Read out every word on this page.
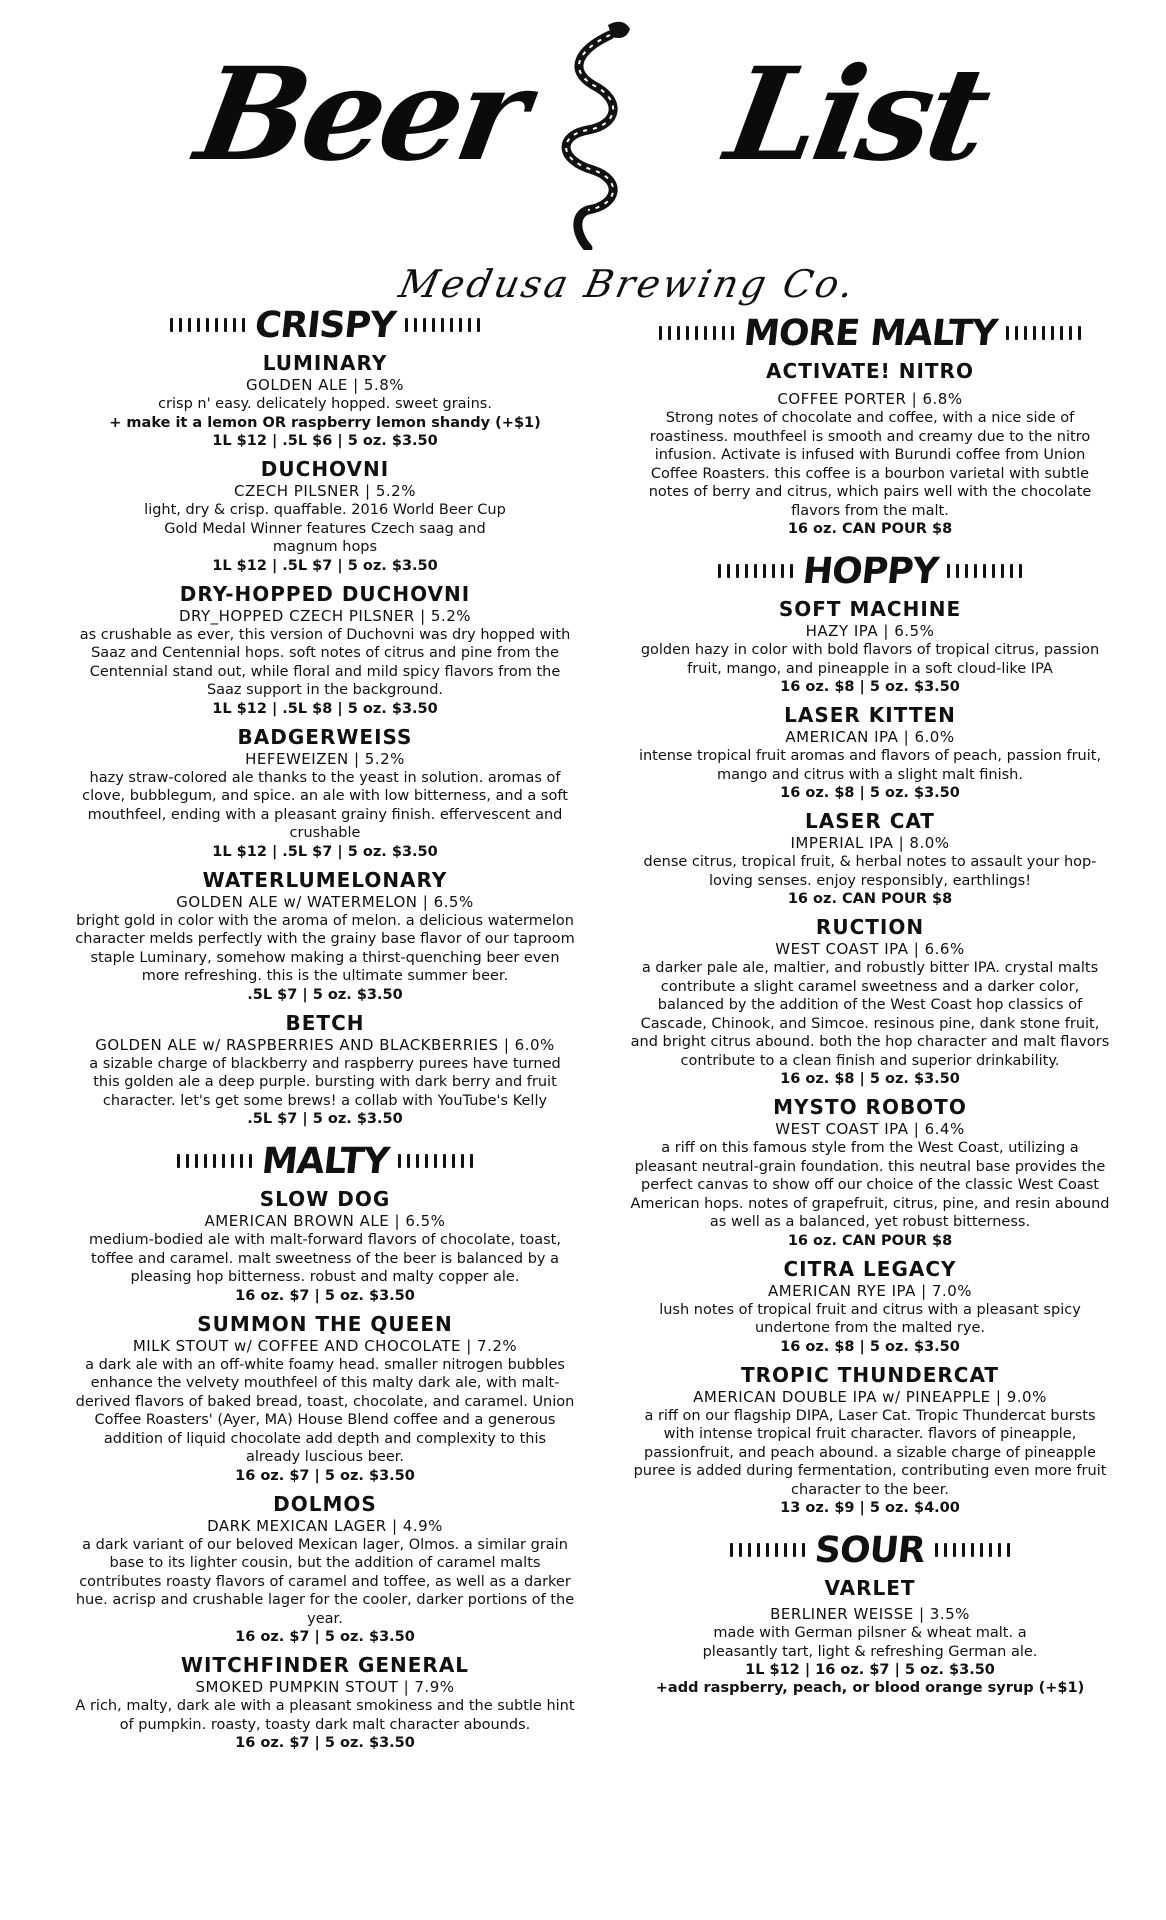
Beer List
Medusa Brewing Co.
CRISPY
LUMINARY
GOLDEN ALE | 5.8%
crisp n' easy. delicately hopped. sweet grains.
+ make it a lemon OR raspberry lemon shandy (+$1)
1L $12 | .5L $6 | 5 oz. $3.50
DUCHOVNI
CZECH PILSNER | 5.2%
light, dry & crisp. quaffable. 2016 World Beer Cup Gold Medal Winner features Czech saag and magnum hops
1L $12 | .5L $7 | 5 oz. $3.50
DRY-HOPPED DUCHOVNI
DRY_HOPPED CZECH PILSNER | 5.2%
as crushable as ever, this version of Duchovni was dry hopped with Saaz and Centennial hops. soft notes of citrus and pine from the Centennial stand out, while floral and mild spicy flavors from the Saaz support in the background.
1L $12 | .5L $8 | 5 oz. $3.50
BADGERWEISS
HEFEWEIZEN | 5.2%
hazy straw-colored ale thanks to the yeast in solution. aromas of clove, bubblegum, and spice. an ale with low bitterness, and a soft mouthfeel, ending with a pleasant grainy finish. effervescent and crushable
1L $12 | .5L $7 | 5 oz. $3.50
WATERLUMELONARY
GOLDEN ALE w/ WATERMELON | 6.5%
bright gold in color with the aroma of melon. a delicious watermelon character melds perfectly with the grainy base flavor of our taproom staple Luminary, somehow making a thirst-quenching beer even more refreshing. this is the ultimate summer beer.
.5L $7 | 5 oz. $3.50
BETCH
GOLDEN ALE w/ RASPBERRIES AND BLACKBERRIES | 6.0%
a sizable charge of blackberry and raspberry purees have turned this golden ale a deep purple. bursting with dark berry and fruit character. let's get some brews! a collab with YouTube's Kelly
.5L $7 | 5 oz. $3.50
MALTY
SLOW DOG
AMERICAN BROWN ALE | 6.5%
medium-bodied ale with malt-forward flavors of chocolate, toast, toffee and caramel. malt sweetness of the beer is balanced by a pleasing hop bitterness. robust and malty copper ale.
16 oz. $7 | 5 oz. $3.50
SUMMON THE QUEEN
MILK STOUT w/ COFFEE AND CHOCOLATE | 7.2%
a dark ale with an off-white foamy head. smaller nitrogen bubbles enhance the velvety mouthfeel of this malty dark ale, with malt-derived flavors of baked bread, toast, chocolate, and caramel. Union Coffee Roasters' (Ayer, MA) House Blend coffee and a generous addition of liquid chocolate add depth and complexity to this already luscious beer.
16 oz. $7 | 5 oz. $3.50
DOLMOS
DARK MEXICAN LAGER | 4.9%
a dark variant of our beloved Mexican lager, Olmos. a similar grain base to its lighter cousin, but the addition of caramel malts contributes roasty flavors of caramel and toffee, as well as a darker hue. acrisp and crushable lager for the cooler, darker portions of the year.
16 oz. $7 | 5 oz. $3.50
WITCHFINDER GENERAL
SMOKED PUMPKIN STOUT | 7.9%
A rich, malty, dark ale with a pleasant smokiness and the subtle hint of pumpkin. roasty, toasty dark malt character abounds.
16 oz. $7 | 5 oz. $3.50
MORE MALTY
ACTIVATE! NITRO
COFFEE PORTER | 6.8%
Strong notes of chocolate and coffee, with a nice side of roastiness. mouthfeel is smooth and creamy due to the nitro infusion. Activate is infused with Burundi coffee from Union Coffee Roasters. this coffee is a bourbon varietal with subtle notes of berry and citrus, which pairs well with the chocolate flavors from the malt.
16 oz. CAN POUR $8
HOPPY
SOFT MACHINE
HAZY IPA | 6.5%
golden hazy in color with bold flavors of tropical citrus, passion fruit, mango, and pineapple in a soft cloud-like IPA
16 oz. $8 | 5 oz. $3.50
LASER KITTEN
AMERICAN IPA | 6.0%
intense tropical fruit aromas and flavors of peach, passion fruit, mango and citrus with a slight malt finish.
16 oz. $8 | 5 oz. $3.50
LASER CAT
IMPERIAL IPA | 8.0%
dense citrus, tropical fruit, & herbal notes to assault your hop-loving senses. enjoy responsibly, earthlings!
16 oz. CAN POUR $8
RUCTION
WEST COAST IPA | 6.6%
a darker pale ale, maltier, and robustly bitter IPA. crystal malts contribute a slight caramel sweetness and a darker color, balanced by the addition of the West Coast hop classics of Cascade, Chinook, and Simcoe. resinous pine, dank stone fruit, and bright citrus abound. both the hop character and malt flavors contribute to a clean finish and superior drinkability.
16 oz. $8 | 5 oz. $3.50
MYSTO ROBOTO
WEST COAST IPA | 6.4%
a riff on this famous style from the West Coast, utilizing a pleasant neutral-grain foundation. this neutral base provides the perfect canvas to show off our choice of the classic West Coast American hops. notes of grapefruit, citrus, pine, and resin abound as well as a balanced, yet robust bitterness.
16 oz. CAN POUR $8
CITRA LEGACY
AMERICAN RYE IPA | 7.0%
lush notes of tropical fruit and citrus with a pleasant spicy undertone from the malted rye.
16 oz. $8 | 5 oz. $3.50
TROPIC THUNDERCAT
AMERICAN DOUBLE IPA w/ PINEAPPLE | 9.0%
a riff on our flagship DIPA, Laser Cat. Tropic Thundercat bursts with intense tropical fruit character. flavors of pineapple, passionfruit, and peach abound. a sizable charge of pineapple puree is added during fermentation, contributing even more fruit character to the beer.
13 oz. $9 | 5 oz. $4.00
SOUR
VARLET
BERLINER WEISSE | 3.5%
made with German pilsner & wheat malt. a pleasantly tart, light & refreshing German ale.
1L $12 | 16 oz. $7 | 5 oz. $3.50
+add raspberry, peach, or blood orange syrup (+$1)
